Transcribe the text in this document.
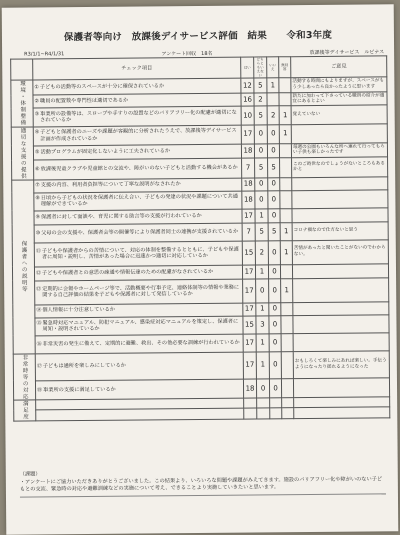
保護者等向け　放課後デイサービス評価　結果 令和3年度
R3/1/1~R4/1/31	アンケート回収　18名	放課後等デイサービス　ルピナス
	チェック項目	はい	どちらともいえない	いいえ	無回答	ご意見
環境・体制整備	① 子どもの活動等のスペースが十分に確保されているか	12	5	1		活動する時間にもよりますが、スペースがもう少しあったら良かったように思います

	② 職員の配置数や専門性は適切であるか	16	2			新たに加わって下さっている職員の紹介が適宜にあるとよい

	③ 事業所の設備等は、スロープや手すりの設置などのバリアフリー化の配慮が適切になされているか	10	5	2	1	覚えていない
適切な支援の提供	④ 子どもと保護者のニーズや課題が客観的に分析されたうえで、放課後等デイサービス計画が作成されているか	17	0	0	1	

	⑤ 活動プログラムが固定化しないように工夫されているか	18	0	0		毎週の公園もいろんな所へ連れて行ってもらい子供も楽しかったです

	⑥ 放課後児童クラブや児童館との交流や、障がいのない子どもと活動する機会があるか	7	5	5		このご時世なのでしょうがないところもあるかと
保護者への説明等	⑦ 支援の内容、利用者負担等について丁寧な説明がなされたか	18	0	0		

	⑧ 日頃から子どもの状況を保護者に伝え合い、子どもの発達の状況や課題について共通理解ができているか	18	0	0		

	⑨ 保護者に対して面談や、育児に関する助言等の支援が行われているか	17	1	0		

	⑩ 父母の会の支援や、保護者会等の開催等により保護者同士の連携が支援されているか	7	5	5	1	コロナ禍なので仕方ないと思う

	⑪ 子どもや保護者からの苦情について、対応の体制を整備するとともに、子どもや保護者に周知・説明し、苦情があった場合に迅速かつ適切に対応しているか	15	2	0	1	苦情があったと聞いたことがないのでわからない。

	⑫ 子どもや保護者との意思の疎通や情報伝達のための配慮がなされているか	17	1	0		

	⑬ 定期的に会報やホームページ等で、活動概要や行事予定、連絡体制等の情報や業務に関する自己評価の結果を子どもや保護者に対して発信しているか	17	0	0	1	

	⑭ 個人情報に十分注意しているか	17	1	0		

	⑮ 緊急時対応マニュアル、防犯マニュアル、感染症対応マニュアルを策定し、保護者に周知・説明されているか	15	3	0		

	⑯ 非常災害の発生に備えて、定期的に避難、救出、その他必要な訓練が行われているか	17	1	0		
非常時等の対応	⑰ 子どもは通所を楽しみにしているか	17	1	0		おもしろくて楽しみにあれば楽しい。手伝うようになったり揺れるようになった

	⑱ 事業所の支援に満足しているか	18	0	0		
満足度	

（課題）
・アンケートにご協力いただきありがとうございました。この結果より、いろいろな問題や課題がみえてきます。施設のバリアフリー化や障がいのない子どもとの交流、緊急時の対応や避難訓練などの実施について考え、できることより実施していきたいと思います。
